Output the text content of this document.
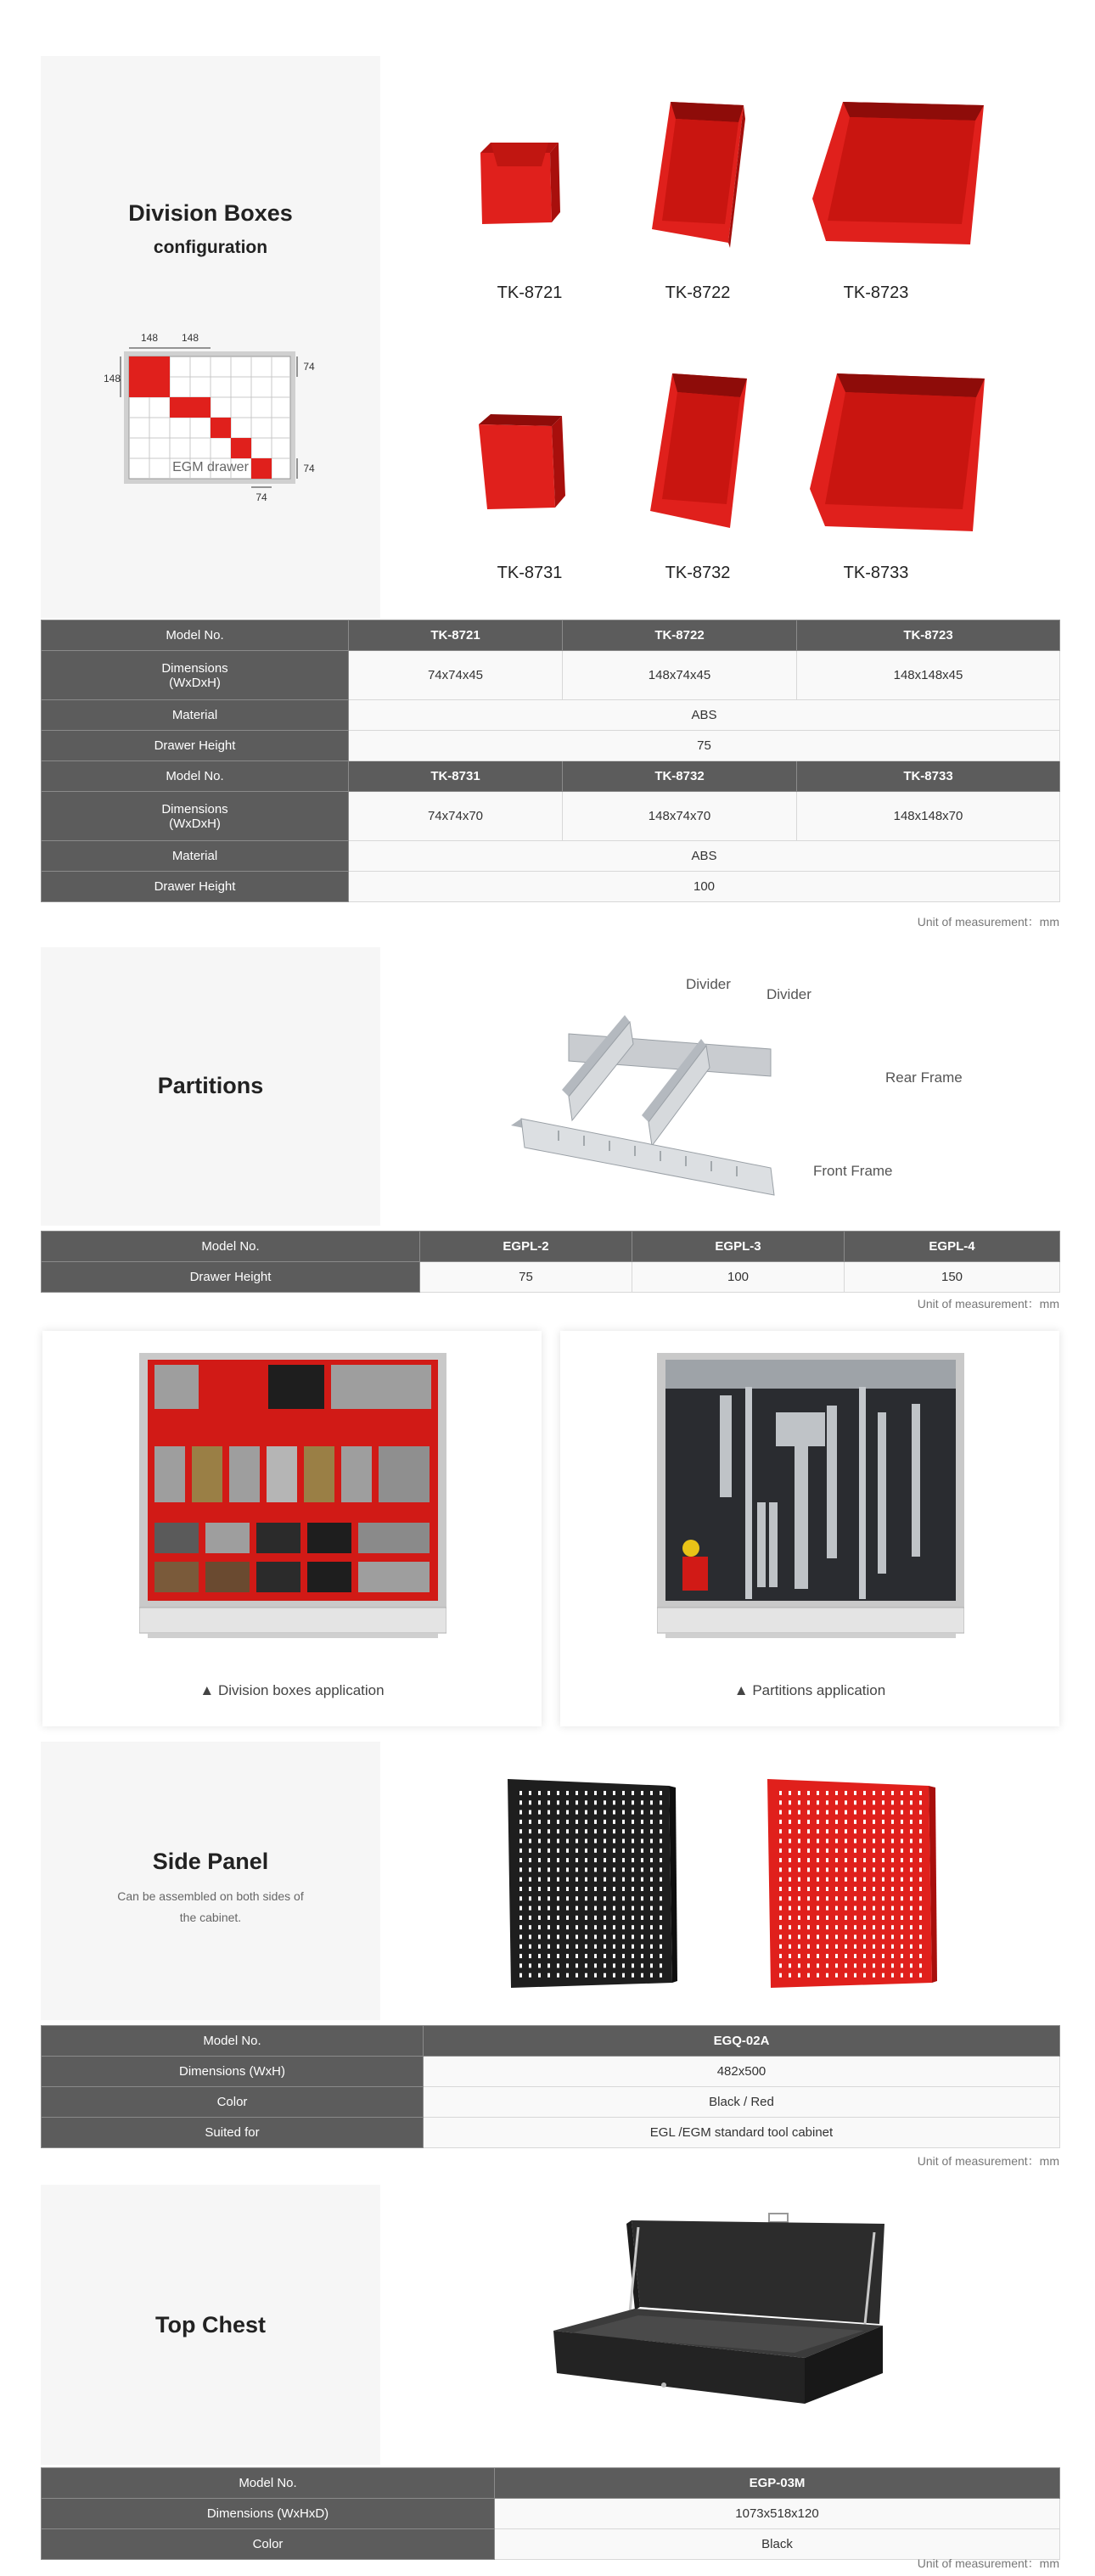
Division Boxes
configuration
148 148
148
74
74
74
EGM drawer
TK-8721	TK-8722	TK-8723
TK-8731	TK-8732	TK-8733
Model No.	TK-8721	TK-8722	TK-8723
Dimensions
(WxDxH)	74x74x45	148x74x45	148x148x45
Material	ABS		
Drawer Height	75		
Model No.	TK-8731	TK-8732	TK-8733
Dimensions
(WxDxH)	74x74x70	148x74x70	148x148x70
Material	ABS		
Drawer Height	100		
Unit of measurement：mm
Partitions
Divider
Divider
Rear Frame
Front Frame
Model No.	EGPL-2	EGPL-3	EGPL-4
Drawer Height	75	100	150
Unit of measurement：mm
▲ Division boxes application	▲ Partitions application
Side Panel
Can be assembled on both sides of
the cabinet.
Model No.	EGQ-02A
Dimensions (WxH)	482x500
Color	Black / Red
Suited for	EGL /EGM standard tool cabinet
Unit of measurement：mm
Top Chest
Model No.	EGP-03M
Dimensions (WxHxD)	1073x518x120
Color	Black
Unit of measurement：mm
